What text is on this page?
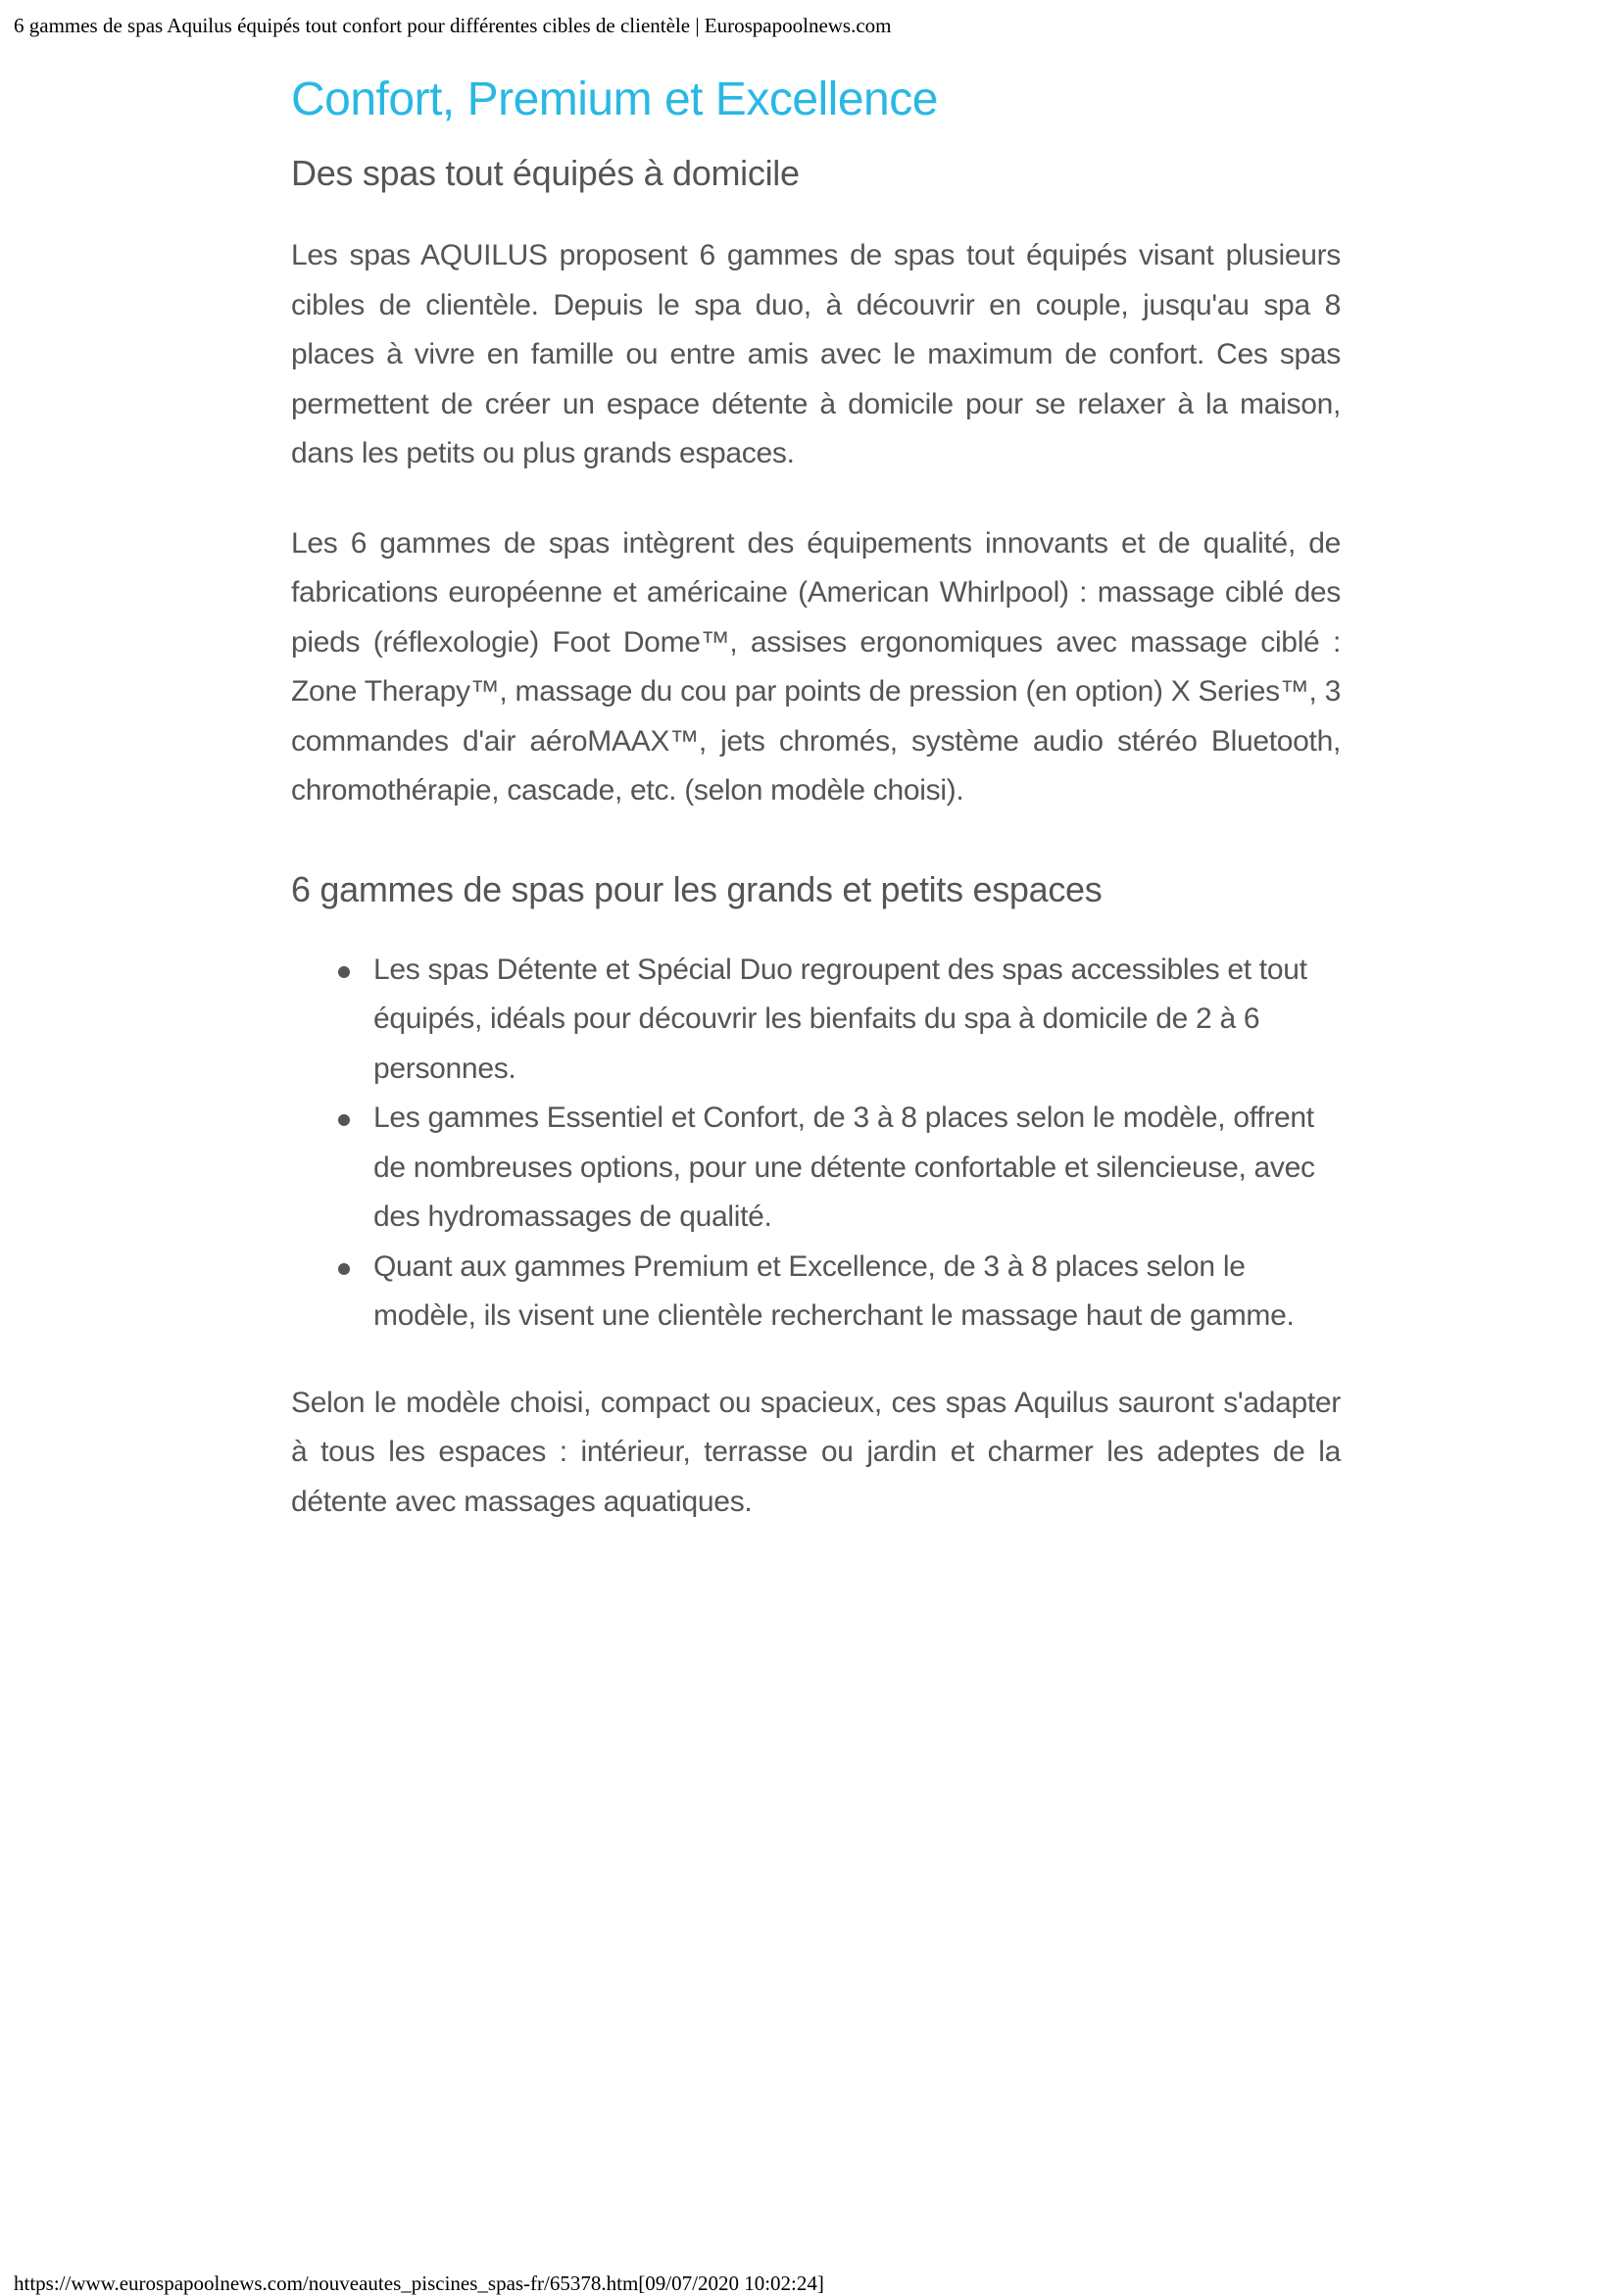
6 gammes de spas Aquilus équipés tout confort pour différentes cibles de clientèle | Eurospapoolnews.com
Confort, Premium et Excellence
Des spas tout équipés à domicile

Les spas AQUILUS proposent 6 gammes de spas tout équipés visant plusieurs cibles de clientèle. Depuis le spa duo, à découvrir en couple, jusqu'au spa 8 places à vivre en famille ou entre amis avec le maximum de confort. Ces spas permettent de créer un espace détente à domicile pour se relaxer à la maison, dans les petits ou plus grands espaces.

Les 6 gammes de spas intègrent des équipements innovants et de qualité, de fabrications européenne et américaine (American Whirlpool) : massage ciblé des pieds (réflexologie) Foot Dome™, assises ergonomiques avec massage ciblé : Zone Therapy™, massage du cou par points de pression (en option) X Series™, 3 commandes d'air aéroMAAX™, jets chromés, système audio stéréo Bluetooth, chromothérapie, cascade, etc. (selon modèle choisi).

6 gammes de spas pour les grands et petits espaces
Les spas Détente et Spécial Duo regroupent des spas accessibles et tout équipés, idéals pour découvrir les bienfaits du spa à domicile de 2 à 6 personnes.
Les gammes Essentiel et Confort, de 3 à 8 places selon le modèle, offrent de nombreuses options, pour une détente confortable et silencieuse, avec des hydromassages de qualité.
Quant aux gammes Premium et Excellence, de 3 à 8 places selon le modèle, ils visent une clientèle recherchant le massage haut de gamme.

Selon le modèle choisi, compact ou spacieux, ces spas Aquilus sauront s'adapter à tous les espaces : intérieur, terrasse ou jardin et charmer les adeptes de la détente avec massages aquatiques.

https://www.eurospapoolnews.com/nouveautes_piscines_spas-fr/65378.htm[09/07/2020 10:02:24]
